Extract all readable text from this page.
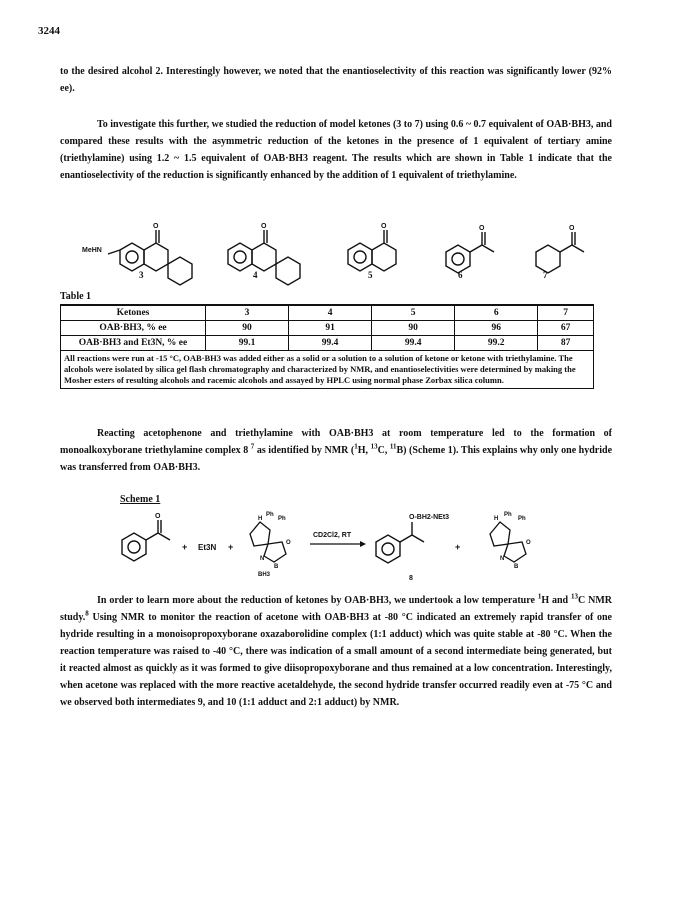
3244

to the desired alcohol 2. Interestingly however, we noted that the enantioselectivity of this reaction was significantly lower (92% ee).

To investigate this further, we studied the reduction of model ketones (3 to 7) using 0.6 ~ 0.7 equivalent of OAB·BH3, and compared these results with the asymmetric reduction of the ketones in the presence of 1 equivalent of tertiary amine (triethylamine) using 1.2 ~ 1.5 equivalent of OAB·BH3 reagent. The results which are shown in Table 1 indicate that the enantioselectivity of the reduction is significantly enhanced by the addition of 1 equivalent of triethylamine.

MeHN
O	O	O	O	O
3	4	5	6	7
Table 1
Ketones	3	4	5	6	7
OAB·BH3, % ee	90	91	90	96	67
OAB·BH3 and Et3N, % ee	99.1	99.4	99.4	99.2	87
All reactions were run at -15 °C, OAB·BH3 was added either as a solid or a solution to a solution of ketone or ketone with triethylamine. The alcohols were isolated by silica gel flash chromatography and characterized by NMR, and enantioselectivities were determined by making the Mosher esters of resulting alcohols and racemic alcohols and assayed by HPLC using normal phase Zorbax silica column.					

Reacting acetophenone and triethylamine with OAB·BH3 at room temperature led to the formation of monoalkoxyborane triethylamine complex 8 $^7$ as identified by NMR ($^1$H, $^{13}$C, $^{11}$B) (Scheme 1). This explains why only one hydride was transferred from OAB·BH3.

Scheme 1
O
+ Et3N +
H
Ph
Ph
O
N
B
BH3
CD2Cl2, RT
O-BH2-NEt3
8
+
H
Ph
Ph
O
N
B

In order to learn more about the reduction of ketones by OAB·BH3, we undertook a low temperature $^1$H and $^{13}$C NMR study.$^8$ Using NMR to monitor the reaction of acetone with OAB·BH3 at -80 °C indicated an extremely rapid transfer of one hydride resulting in a monoisopropoxyborane oxazaborolidine complex (1:1 adduct) which was quite stable at -80 °C. When the reaction temperature was raised to -40 °C, there was indication of a small amount of a second intermediate being generated, but it reacted almost as quickly as it was formed to give diisopropoxyborane and thus remained at a low concentration. Interestingly, when acetone was replaced with the more reactive acetaldehyde, the second hydride transfer occurred readily even at -75 °C and we observed both intermediates 9, and 10 (1:1 adduct and 2:1 adduct) by NMR.
